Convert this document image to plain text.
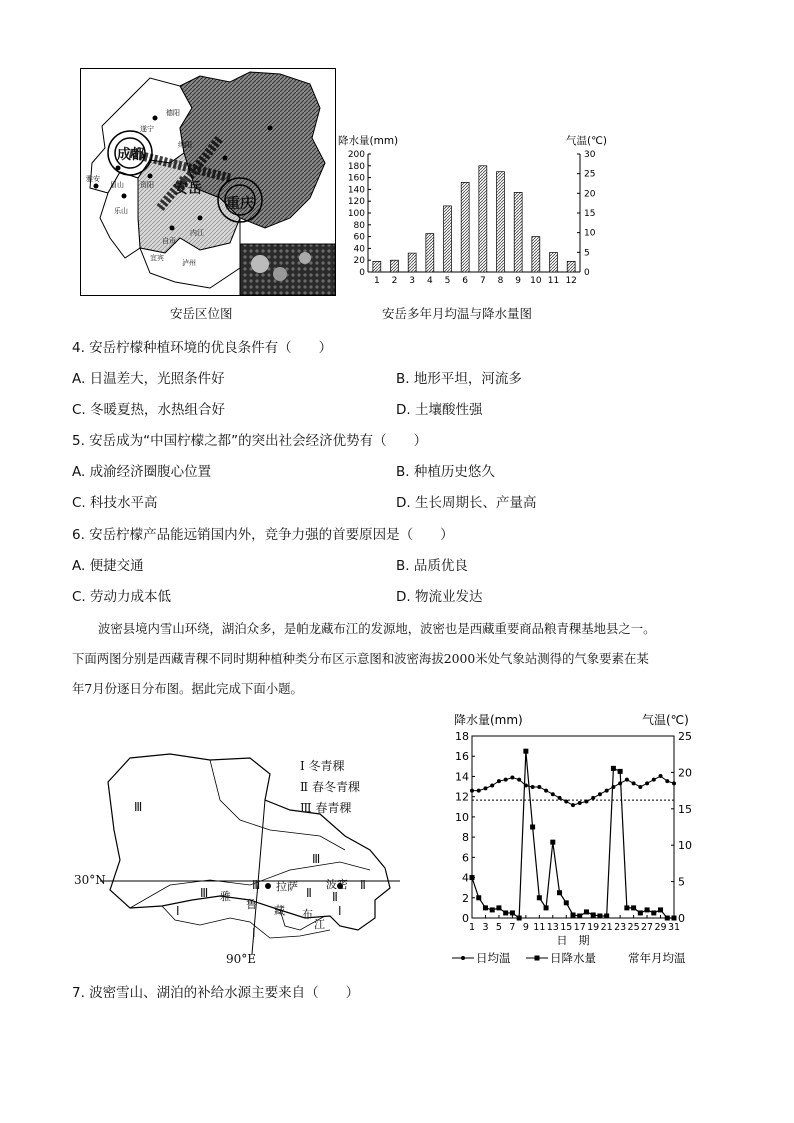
成都
安岳
重庆
德阳
绵阳
雅安
眉山
乐山
资阳
内江
自贡
宜宾
泸州
遂宁
安岳区位图
0
20
40
60
80
100
120
140
160
180
200
0
5
10
15
20
25
30
降水量(mm)	气温(℃)
1 2 3 4 5 6 7 8 9 10 11 12
安岳多年月均温与降水量图
4. 安岳柠檬种植环境的优良条件有（　　）
A. 日温差大，光照条件好	B. 地形平坦，河流多
C. 冬暖夏热，水热组合好	D. 土壤酸性强
5. 安岳成为“中国柠檬之都”的突出社会经济优势有（　　）
A. 成渝经济圈腹心位置	B. 种植历史悠久
C. 科技水平高	D. 生长周期长、产量高
6. 安岳柠檬产品能远销国内外，竞争力强的首要原因是（　　）
A. 便捷交通	B. 品质优良
C. 劳动力成本低	D. 物流业发达
波密县境内雪山环绕，湖泊众多，是帕龙藏布江的发源地，波密也是西藏重要商品粮青稞基地县之一。
下面两图分别是西藏青稞不同时期种植种类分布区示意图和波密海拔2000米处气象站测得的气象要素在某
年7月份逐日分布图。据此完成下面小题。
30°N
90°E
Ⅲ
Ⅲ
Ⅲ
Ⅲ
Ⅱ Ⅱ
Ⅱ
Ⅰ
Ⅰ
Ⅰ
拉萨	波密
雅
鲁 藏 布
江
Ⅰ 冬青稞
Ⅱ 春冬青稞
Ⅲ 春青稞
0
2
4
6
8
10
12
14
16
18
0
5
10
15
20
25
1 3 5 7 9 11 13 15 17 19 21 23 25 27 29 31
降水量(mm)	气温(℃)
日　期
日均温	日降水量	常年月均温
7. 波密雪山、湖泊的补给水源主要来自（　　）
